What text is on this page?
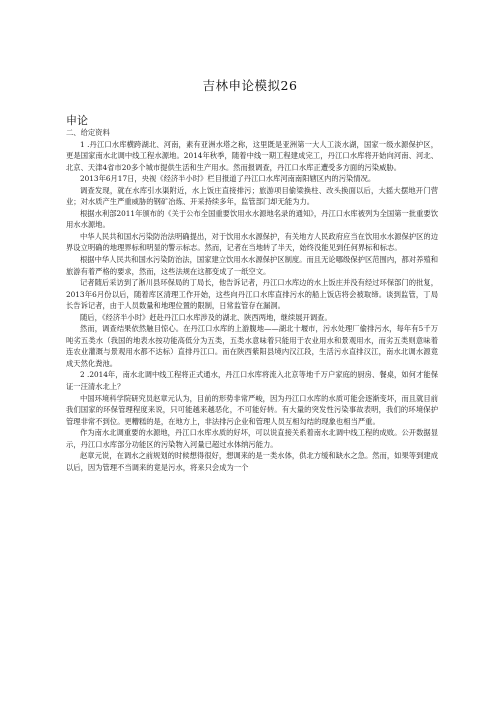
吉林申论模拟26
申论

二、给定资料

1 .丹江口水库横跨湖北、河南，素有亚洲水塔之称，这里既是亚洲第一大人工淡水湖，国家一级水源保护区，更是国家南水北调中线工程水源地。2014年秋季，随着中线一期工程建成完工，丹江口水库将开始向河南、河北、北京、天津4省市20多个城市提供生活和生产用水。然而报调查，丹江口水库正遭受多方面的污染威胁。

2013年6月17日，央视《经济半小时》栏目报道了丹江口水库河南南阳辖区内的污染情况。

调查发现，就在水库引水渠附近，水上饭庄直接排污；旅游项目偷梁换柱、改头换面以后，大摇大摆地开门营业；对水质产生严重威胁的钢矿冶炼、开采持续多年，监管部门却无能为力。

根据水利部2011年颁布的《关于公布全国重要饮用水水源地名录的通知》，丹江口水库被列为全国第一批重要饮用水水源地。

中华人民共和国水污染防治法明确提出，对于饮用水水源保护，有关地方人民政府应当在饮用水水源保护区的边界设立明确的地理界标和明显的警示标志。然而，记者在当地转了半天，始终没能见到任何界标和标志。

根据中华人民共和国水污染防治法，国家建立饮用水水源保护区制度。而且无论哪级保护区范围内，都对养殖和旅游有着严格的要求，然而，这些法规在这都变成了一纸空文。

记者随后采访到了淅川县环保局的丁局长，他告诉记者，丹江口水库边的水上饭庄并没有经过环保部门的批复，2013年6月份以后，随着库区清理工作开始，这些向丹江口水库直排污水的船上饭店将会被取缔。谈到监管，丁局长告诉记者，由于人员数量和地理位置的限制，日常监管存在漏洞。

随后，《经济半小时》赶赴丹江口水库涉及的湖北、陕西两地，继续展开调查。

然而，调查结果依然触目惊心。在丹江口水库的上游腹地——湖北十堰市，污水处理厂偷排污水，每年有5千万吨劣五类水（我国的地表水按功能高低分为五类，五类水意味着只能用于农业用水和景观用水，而劣五类则意味着连农业灌溉与景观用水都不达标）直排丹江口。而在陕西紫阳县境内汉江段，生活污水直排汉江，南水北调水源竟成天然化粪池。

2 .2014年，南水北调中线工程将正式通水，丹江口水库将流入北京等地千万户家庭的厨房、餐桌，如何才能保证一汪清水北上？

中国环境科学院研究员赵章元认为，目前的形势非常严峻，因为丹江口水库的水质可能会逐渐变坏，而且就目前我们国家的环保管理程度来说，只可能越来越恶化，不可能好转。有大量的突发性污染事故表明，我们的环境保护管理非常不到位。更糟糕的是，在地方上，非法排污企业和管理人员互相勾结的现象也相当严重。

作为南水北调重要的水源地，丹江口水库水质的好坏，可以说直接关系着南水北调中线工程的成败。公开数据显示，丹江口水库部分功能区的污染物入河量已超过水体纳污能力。

赵章元说，在调水之前规划的时候想得很好，想调来的是一类水体，供北方缓和缺水之急。然而，如果等到建成以后，因为管理不当调来的竟是污水，将来只会成为一个
